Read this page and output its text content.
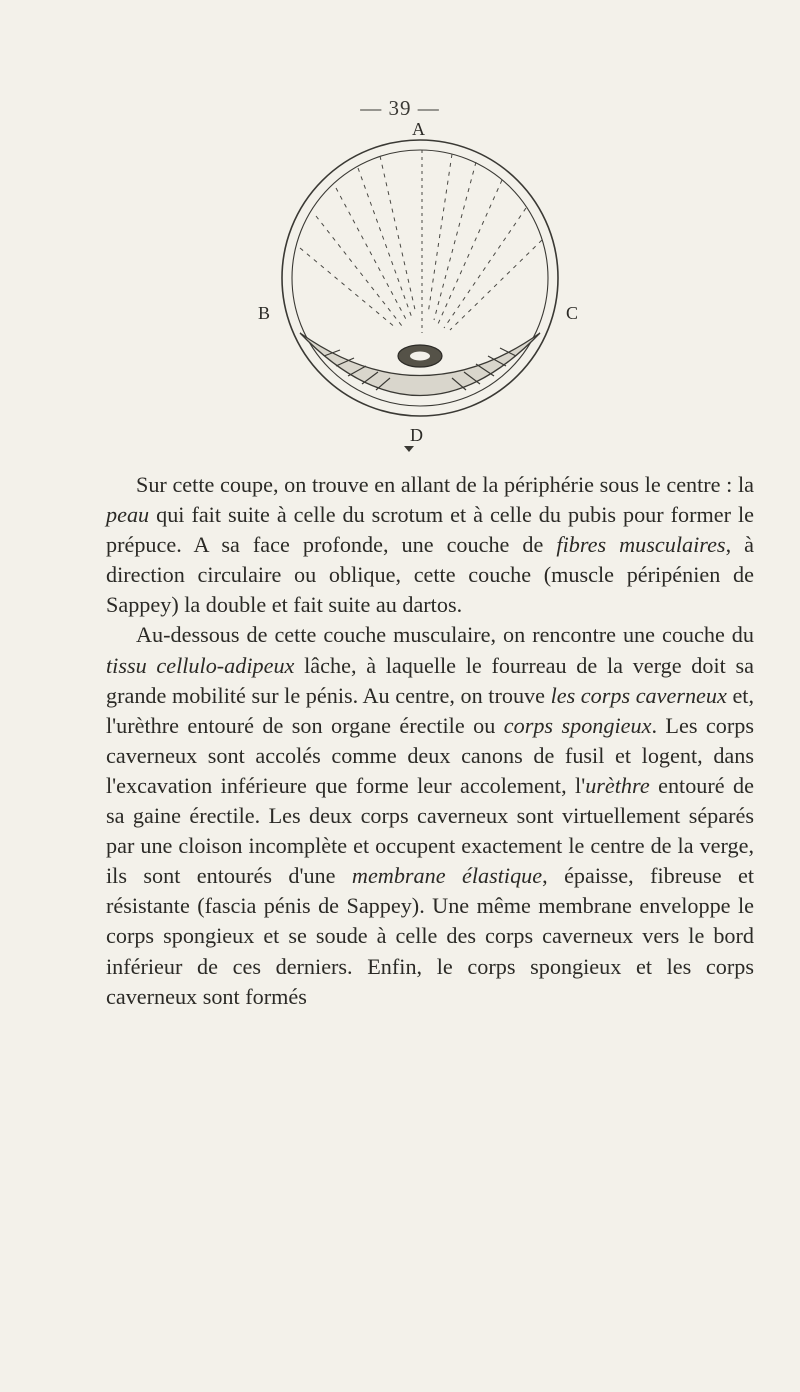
— 39 —
A
B	C
D

Sur cette coupe, on trouve en allant de la périphérie sous le centre : la peau qui fait suite à celle du scrotum et à celle du pubis pour former le prépuce. A sa face profonde, une couche de fibres musculaires, à direction circulaire ou oblique, cette couche (muscle péripénien de Sappey) la double et fait suite au dartos.

Au-dessous de cette couche musculaire, on rencontre une couche du tissu cellulo-adipeux lâche, à laquelle le fourreau de la verge doit sa grande mobilité sur le pénis. Au centre, on trouve les corps caverneux et, l'urèthre entouré de son organe érectile ou corps spongieux. Les corps caverneux sont accolés comme deux canons de fusil et logent, dans l'excavation inférieure que forme leur accolement, l'urèthre entouré de sa gaine érectile. Les deux corps caverneux sont virtuellement séparés par une cloison incomplète et occupent exactement le centre de la verge, ils sont entourés d'une membrane élastique, épaisse, fibreuse et résistante (fascia pénis de Sappey). Une même membrane enveloppe le corps spongieux et se soude à celle des corps caverneux vers le bord inférieur de ces derniers. Enfin, le corps spongieux et les corps caverneux sont formés
